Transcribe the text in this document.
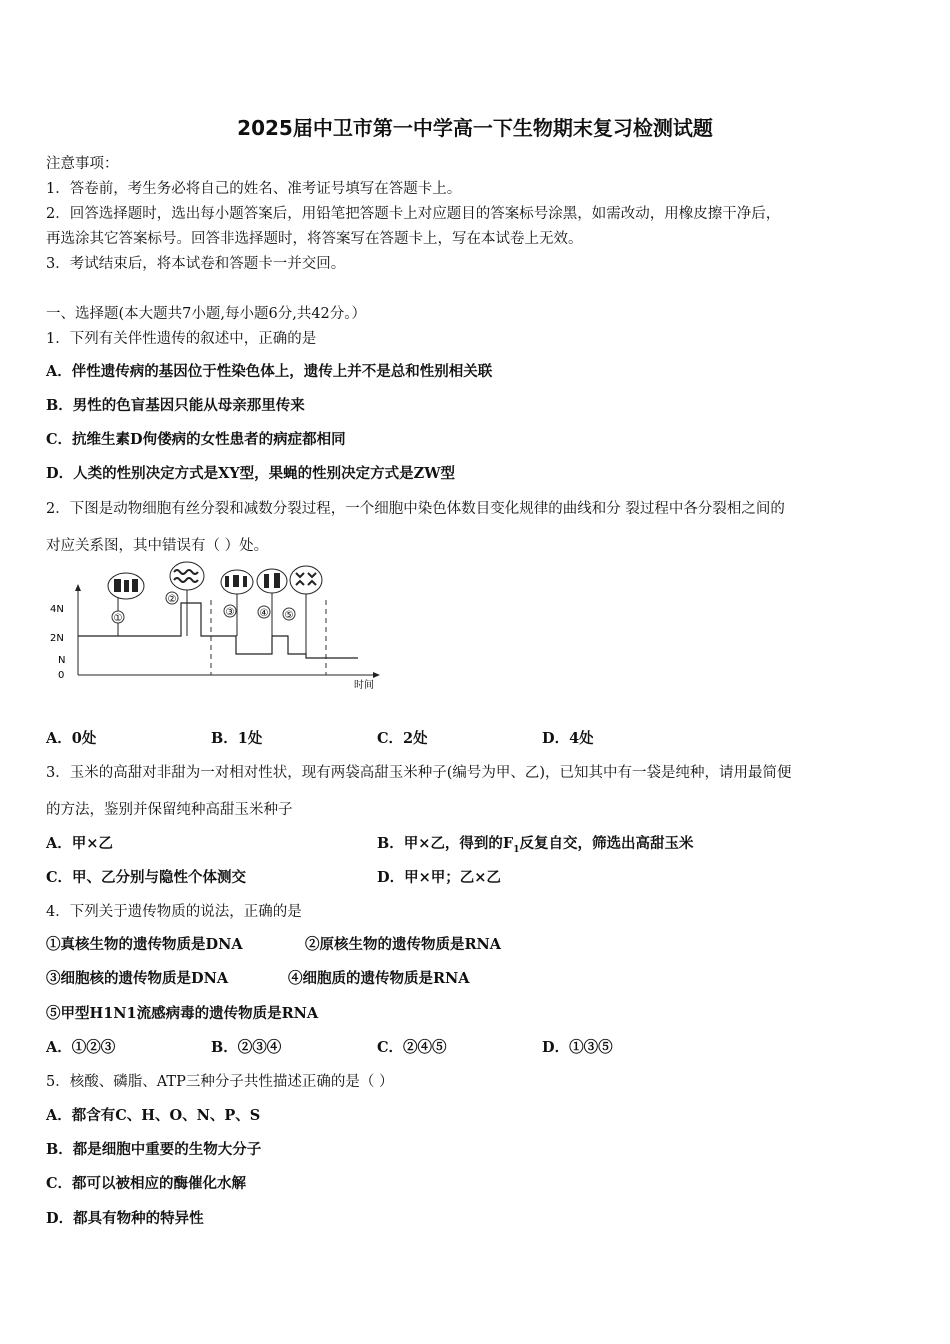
2025届中卫市第一中学高一下生物期末复习检测试题
注意事项：
1．答卷前，考生务必将自己的姓名、准考证号填写在答题卡上。
2．回答选择题时，选出每小题答案后，用铅笔把答题卡上对应题目的答案标号涂黑，如需改动，用橡皮擦干净后，
再选涂其它答案标号。回答非选择题时，将答案写在答题卡上，写在本试卷上无效。
3．考试结束后，将本试卷和答题卡一并交回。
一、选择题(本大题共7小题,每小题6分,共42分。）
1．下列有关伴性遗传的叙述中，正确的是
A．伴性遗传病的基因位于性染色体上，遗传上并不是总和性别相关联
B．男性的色盲基因只能从母亲那里传来
C．抗维生素D佝偻病的女性患者的病症都相同
D．人类的性别决定方式是XY型，果蝇的性别决定方式是ZW型
2．下图是动物细胞有丝分裂和减数分裂过程，一个细胞中染色体数目变化规律的曲线和分 裂过程中各分裂相之间的
对应关系图，其中错误有（ ）处。
4N
2N
N
0
时间
①
②
③	④ ⑤
A．0处	B．1处	C．2处	D．4处
3．玉米的高甜对非甜为一对相对性状，现有两袋高甜玉米种子(编号为甲、乙)，已知其中有一袋是纯种，请用最简便
的方法，鉴别并保留纯种高甜玉米种子
A．甲×乙	B．甲×乙，得到的$F_1$反复自交，筛选出高甜玉米
C．甲、乙分别与隐性个体测交	D．甲×甲；乙×乙
4．下列关于遗传物质的说法，正确的是
①真核生物的遗传物质是DNA	②原核生物的遗传物质是RNA
③细胞核的遗传物质是DNA	④细胞质的遗传物质是RNA
⑤甲型H1N1流感病毒的遗传物质是RNA
A．①②③	B．②③④	C．②④⑤	D．①③⑤
5．核酸、磷脂、ATP三种分子共性描述正确的是（ ）
A．都含有C、H、O、N、P、S
B．都是细胞中重要的生物大分子
C．都可以被相应的酶催化水解
D．都具有物种的特异性
